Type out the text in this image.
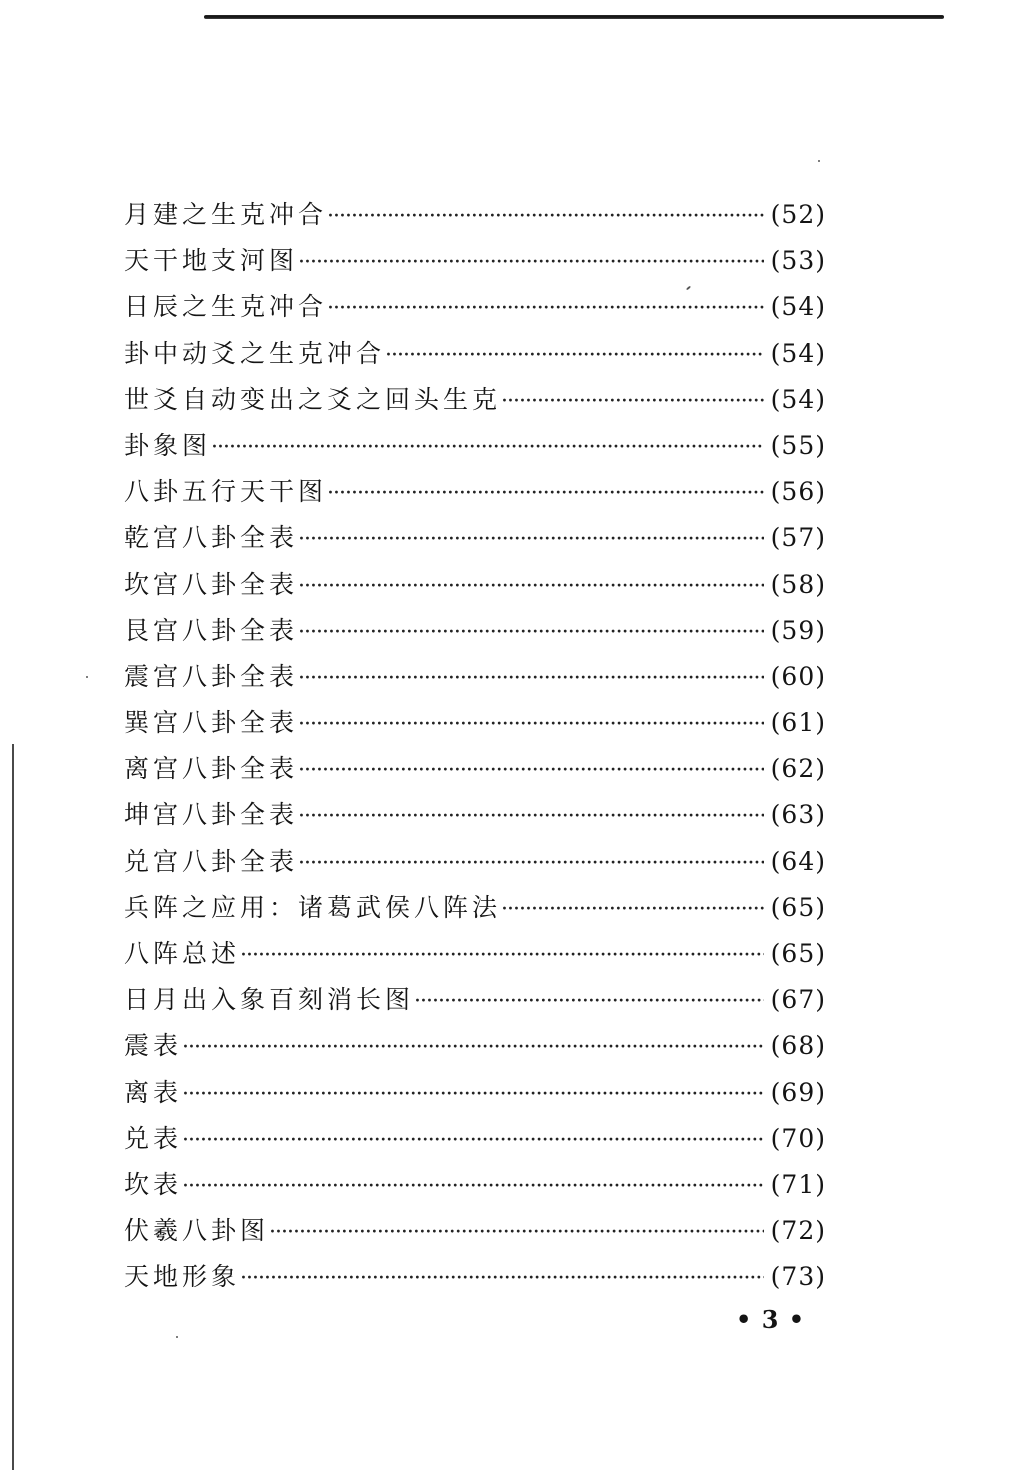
月建之生克冲合 ·····	(52)
天干地支河图 ·····	(53)
日辰之生克冲合 ·····	(54)
卦中动爻之生克冲合 ·····	(54)
世爻自动变出之爻之回头生克 ·····	(54)
卦象图 ·····	(55)
八卦五行天干图 ·····	(56)
乾宫八卦全表 ·····	(57)
坎宫八卦全表 ·····	(58)
艮宫八卦全表 ·····	(59)
震宫八卦全表 ·····	(60)
巽宫八卦全表 ·····	(61)
离宫八卦全表 ·····	(62)
坤宫八卦全表 ·····	(63)
兑宫八卦全表 ·····	(64)
兵阵之应用：诸葛武侯八阵法 ·····	(65)
八阵总述 ·····	(65)
日月出入象百刻消长图 ·····	(67)
震表 ·····	(68)
离表 ·····	(69)
兑表 ·····	(70)
坎表 ·····	(71)
伏羲八卦图 ·····	(72)
天地形象 ·····	(73)
• 3 •
